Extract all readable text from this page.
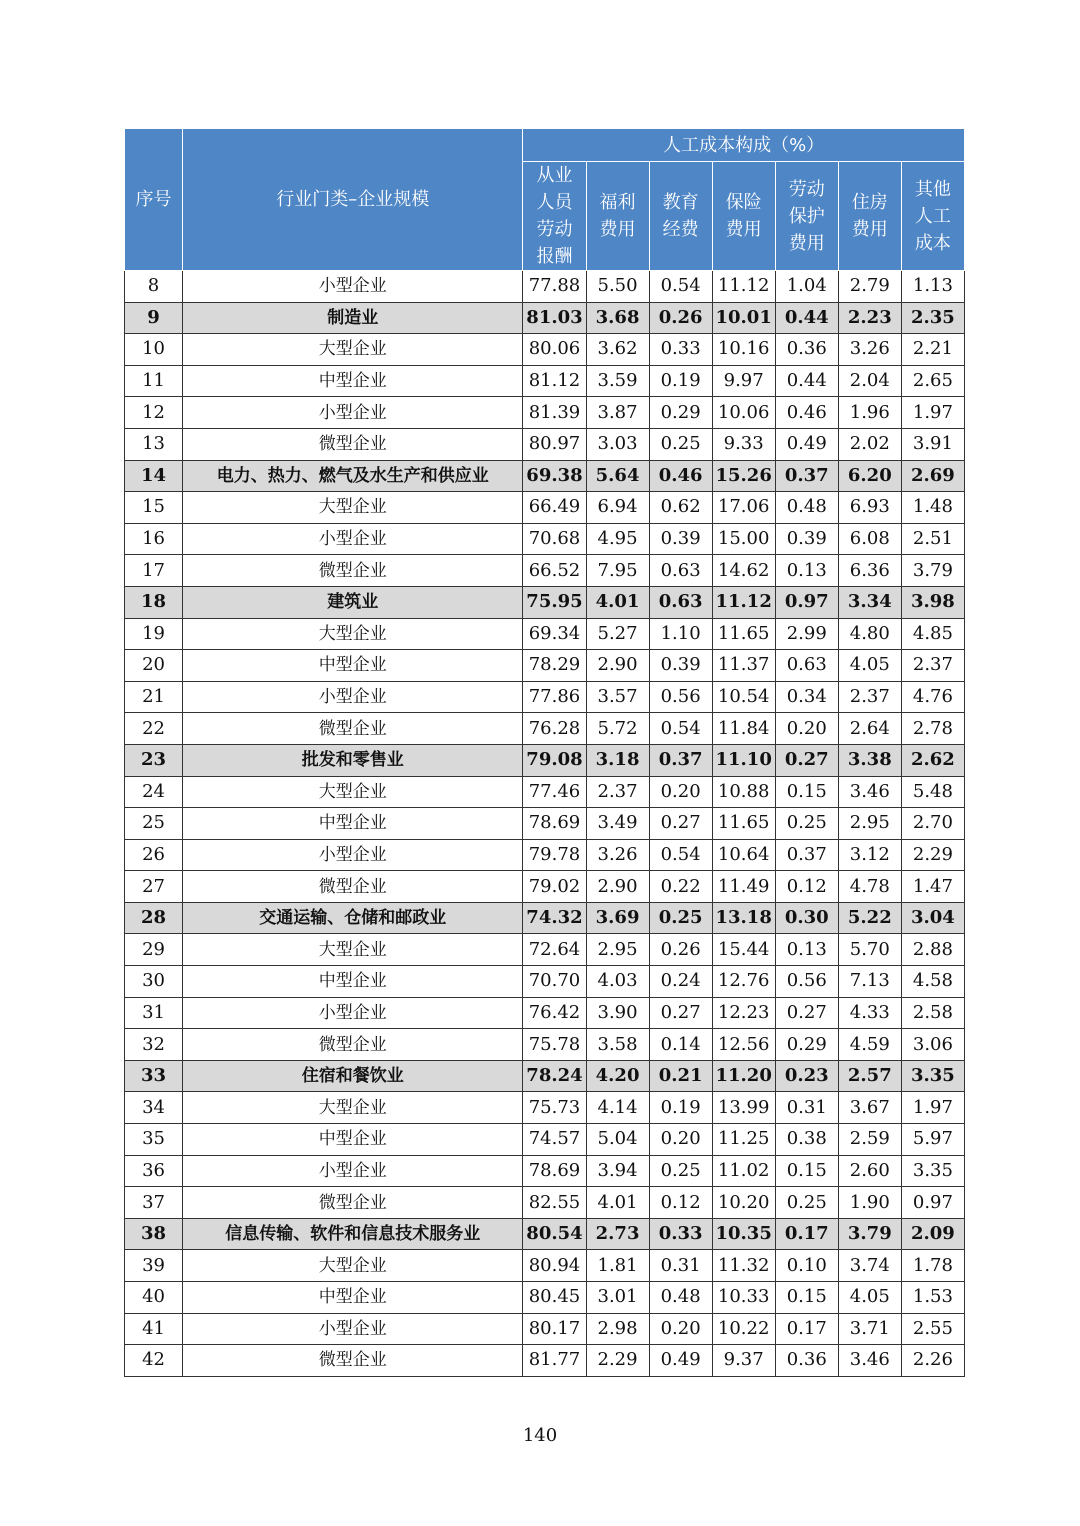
序号	行业门类–企业规模	人工成本构成（%）						

		从业人员劳动报酬	福利费用	教育经费	保险费用	劳动保护费用	住房费用	其他人工成本

8	小型企业	77.88	5.50	0.54	11.12	1.04	2.79	1.13
9	制造业	81.03	3.68	0.26	10.01	0.44	2.23	2.35
10	大型企业	80.06	3.62	0.33	10.16	0.36	3.26	2.21
11	中型企业	81.12	3.59	0.19	9.97	0.44	2.04	2.65
12	小型企业	81.39	3.87	0.29	10.06	0.46	1.96	1.97
13	微型企业	80.97	3.03	0.25	9.33	0.49	2.02	3.91
14	电力、热力、燃气及水生产和供应业	69.38	5.64	0.46	15.26	0.37	6.20	2.69
15	大型企业	66.49	6.94	0.62	17.06	0.48	6.93	1.48
16	小型企业	70.68	4.95	0.39	15.00	0.39	6.08	2.51
17	微型企业	66.52	7.95	0.63	14.62	0.13	6.36	3.79
18	建筑业	75.95	4.01	0.63	11.12	0.97	3.34	3.98
19	大型企业	69.34	5.27	1.10	11.65	2.99	4.80	4.85
20	中型企业	78.29	2.90	0.39	11.37	0.63	4.05	2.37
21	小型企业	77.86	3.57	0.56	10.54	0.34	2.37	4.76
22	微型企业	76.28	5.72	0.54	11.84	0.20	2.64	2.78
23	批发和零售业	79.08	3.18	0.37	11.10	0.27	3.38	2.62
24	大型企业	77.46	2.37	0.20	10.88	0.15	3.46	5.48
25	中型企业	78.69	3.49	0.27	11.65	0.25	2.95	2.70
26	小型企业	79.78	3.26	0.54	10.64	0.37	3.12	2.29
27	微型企业	79.02	2.90	0.22	11.49	0.12	4.78	1.47
28	交通运输、仓储和邮政业	74.32	3.69	0.25	13.18	0.30	5.22	3.04
29	大型企业	72.64	2.95	0.26	15.44	0.13	5.70	2.88
30	中型企业	70.70	4.03	0.24	12.76	0.56	7.13	4.58
31	小型企业	76.42	3.90	0.27	12.23	0.27	4.33	2.58
32	微型企业	75.78	3.58	0.14	12.56	0.29	4.59	3.06
33	住宿和餐饮业	78.24	4.20	0.21	11.20	0.23	2.57	3.35
34	大型企业	75.73	4.14	0.19	13.99	0.31	3.67	1.97
35	中型企业	74.57	5.04	0.20	11.25	0.38	2.59	5.97
36	小型企业	78.69	3.94	0.25	11.02	0.15	2.60	3.35
37	微型企业	82.55	4.01	0.12	10.20	0.25	1.90	0.97
38	信息传输、软件和信息技术服务业	80.54	2.73	0.33	10.35	0.17	3.79	2.09
39	大型企业	80.94	1.81	0.31	11.32	0.10	3.74	1.78
40	中型企业	80.45	3.01	0.48	10.33	0.15	4.05	1.53
41	小型企业	80.17	2.98	0.20	10.22	0.17	3.71	2.55
42	微型企业	81.77	2.29	0.49	9.37	0.36	3.46	2.26
140
